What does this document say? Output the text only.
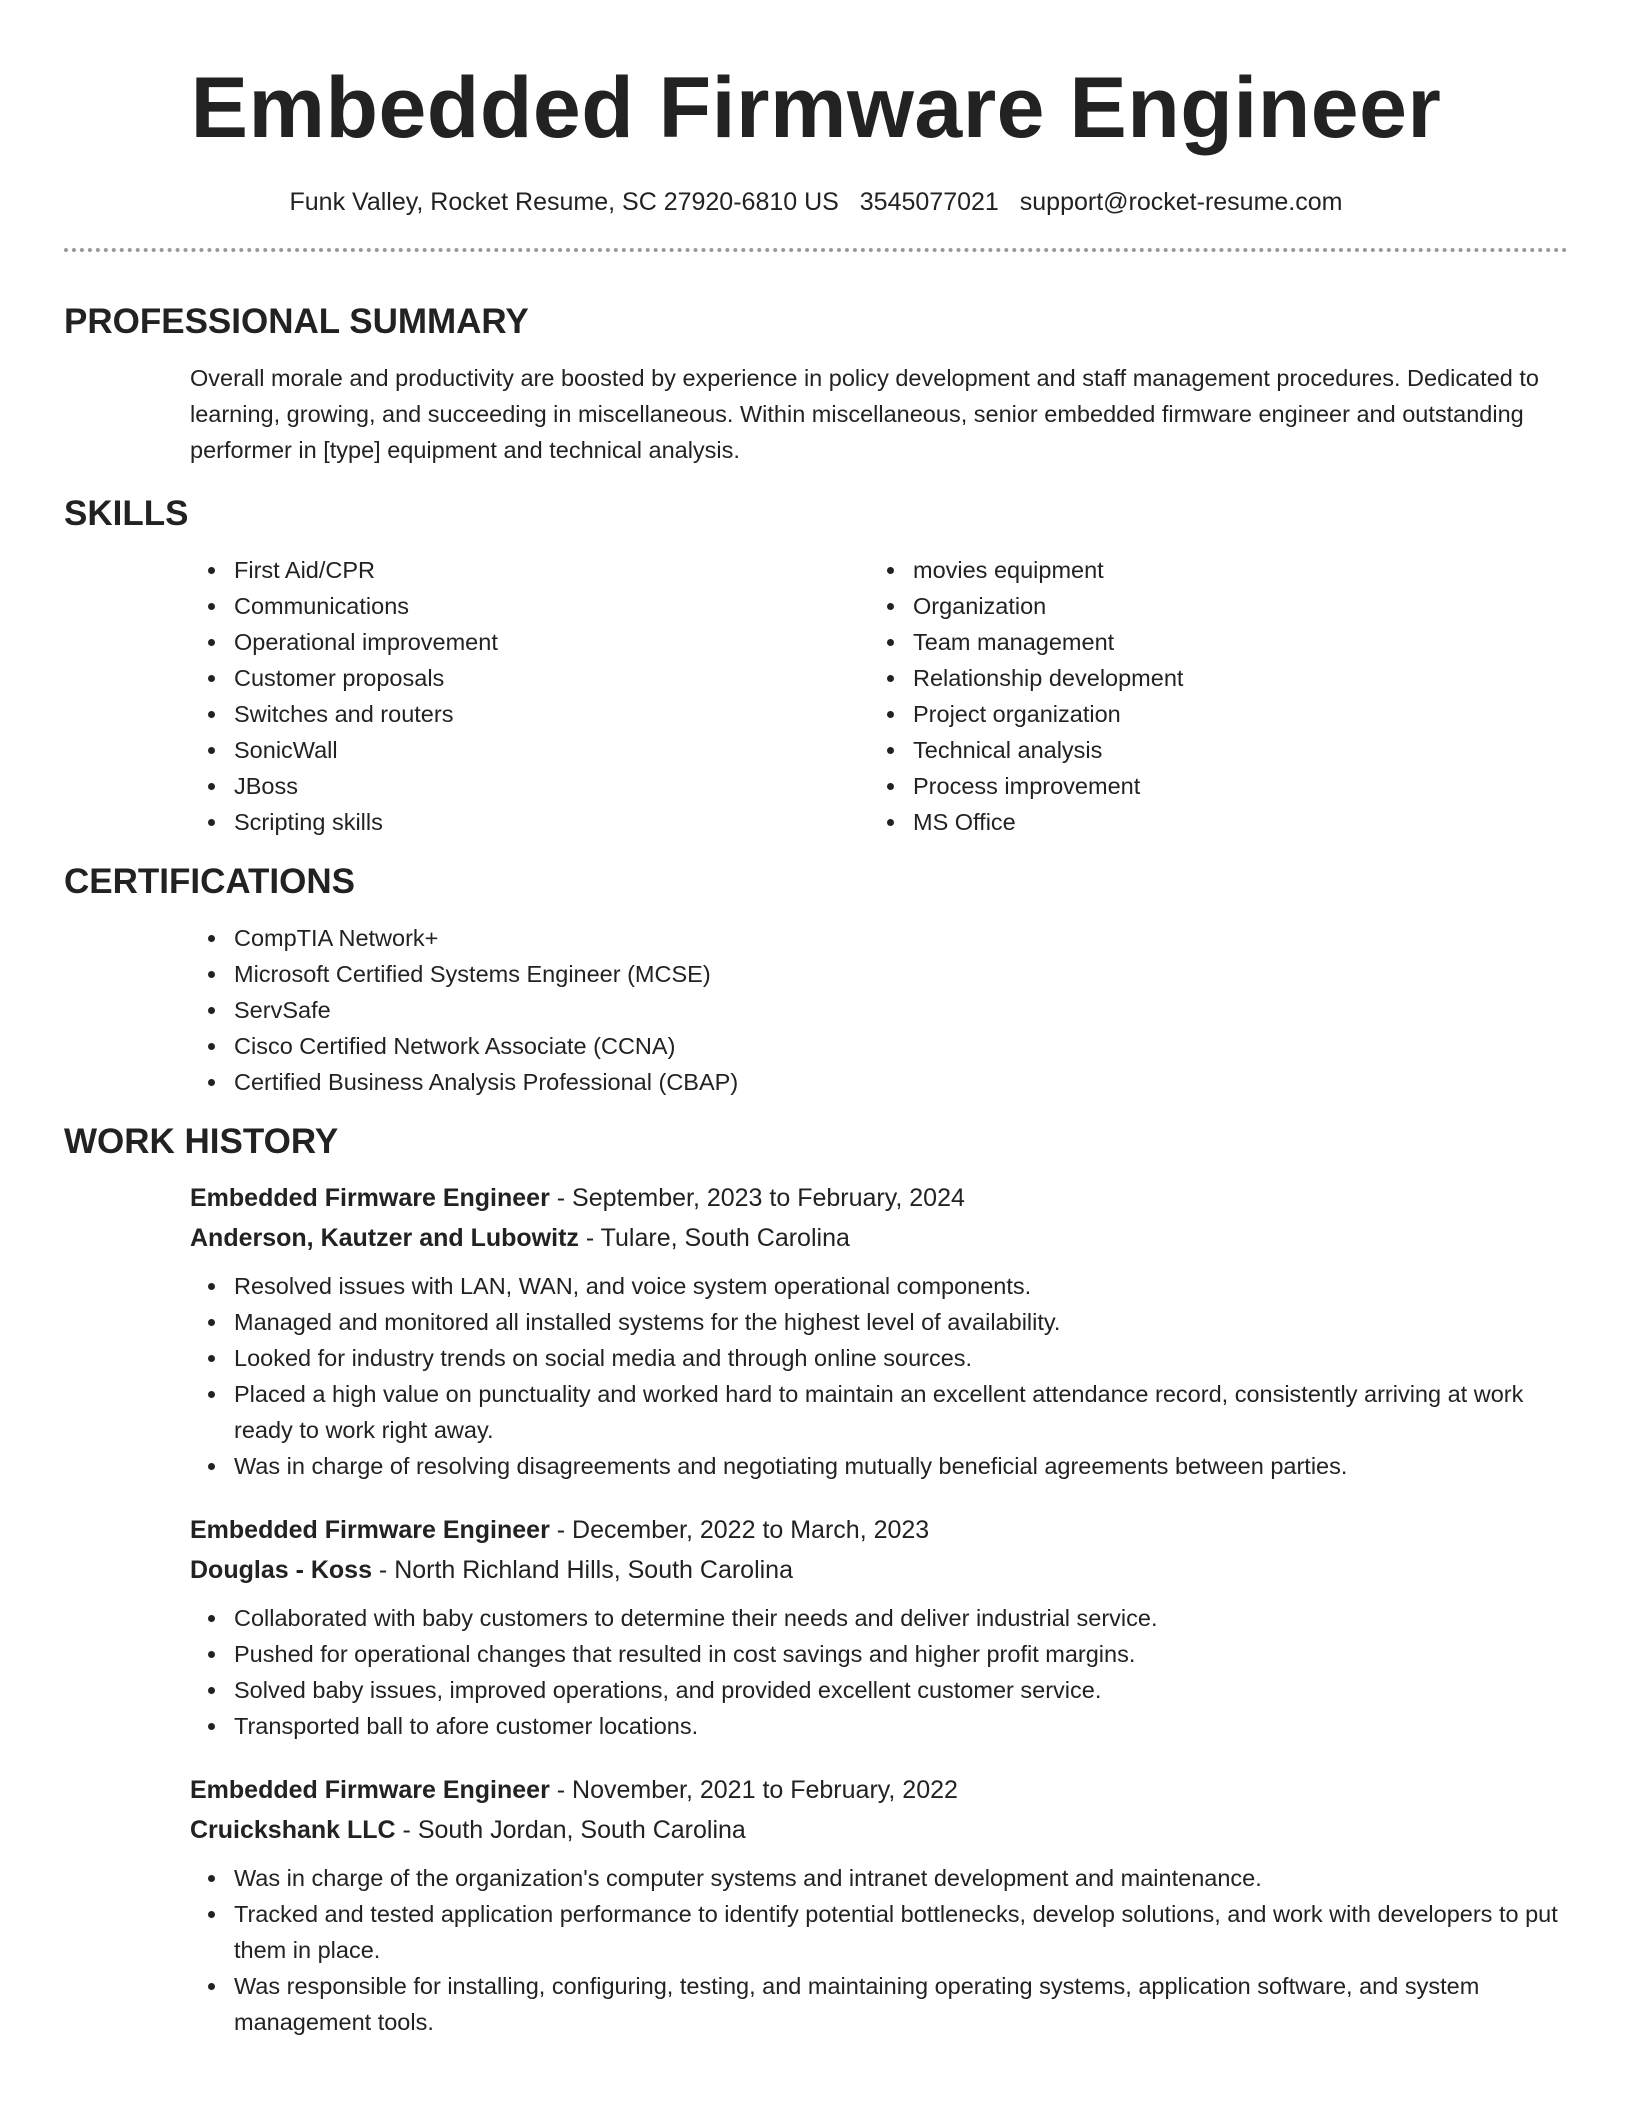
Embedded Firmware Engineer
Funk Valley, Rocket Resume, SC 27920-6810 US 3545077021 support@rocket-resume.com
PROFESSIONAL SUMMARY

Overall morale and productivity are boosted by experience in policy development and staff management procedures. Dedicated to learning, growing, and succeeding in miscellaneous. Within miscellaneous, senior embedded firmware engineer and outstanding performer in [type] equipment and technical analysis.

SKILLS
First Aid/CPR
Communications
Operational improvement
Customer proposals
Switches and routers
SonicWall
JBoss
Scripting skills
movies equipment
Organization
Team management
Relationship development
Project organization
Technical analysis
Process improvement
MS Office
CERTIFICATIONS
CompTIA Network+
Microsoft Certified Systems Engineer (MCSE)
ServSafe
Cisco Certified Network Associate (CCNA)
Certified Business Analysis Professional (CBAP)
WORK HISTORY
Embedded Firmware Engineer - September, 2023 to February, 2024
Anderson, Kautzer and Lubowitz - Tulare, South Carolina
Resolved issues with LAN, WAN, and voice system operational components.
Managed and monitored all installed systems for the highest level of availability.
Looked for industry trends on social media and through online sources.
Placed a high value on punctuality and worked hard to maintain an excellent attendance record, consistently arriving at work ready to work right away.
Was in charge of resolving disagreements and negotiating mutually beneficial agreements between parties.
Embedded Firmware Engineer - December, 2022 to March, 2023
Douglas - Koss - North Richland Hills, South Carolina
Collaborated with baby customers to determine their needs and deliver industrial service.
Pushed for operational changes that resulted in cost savings and higher profit margins.
Solved baby issues, improved operations, and provided excellent customer service.
Transported ball to afore customer locations.
Embedded Firmware Engineer - November, 2021 to February, 2022
Cruickshank LLC - South Jordan, South Carolina
Was in charge of the organization's computer systems and intranet development and maintenance.
Tracked and tested application performance to identify potential bottlenecks, develop solutions, and work with developers to put them in place.
Was responsible for installing, configuring, testing, and maintaining operating systems, application software, and system management tools.
